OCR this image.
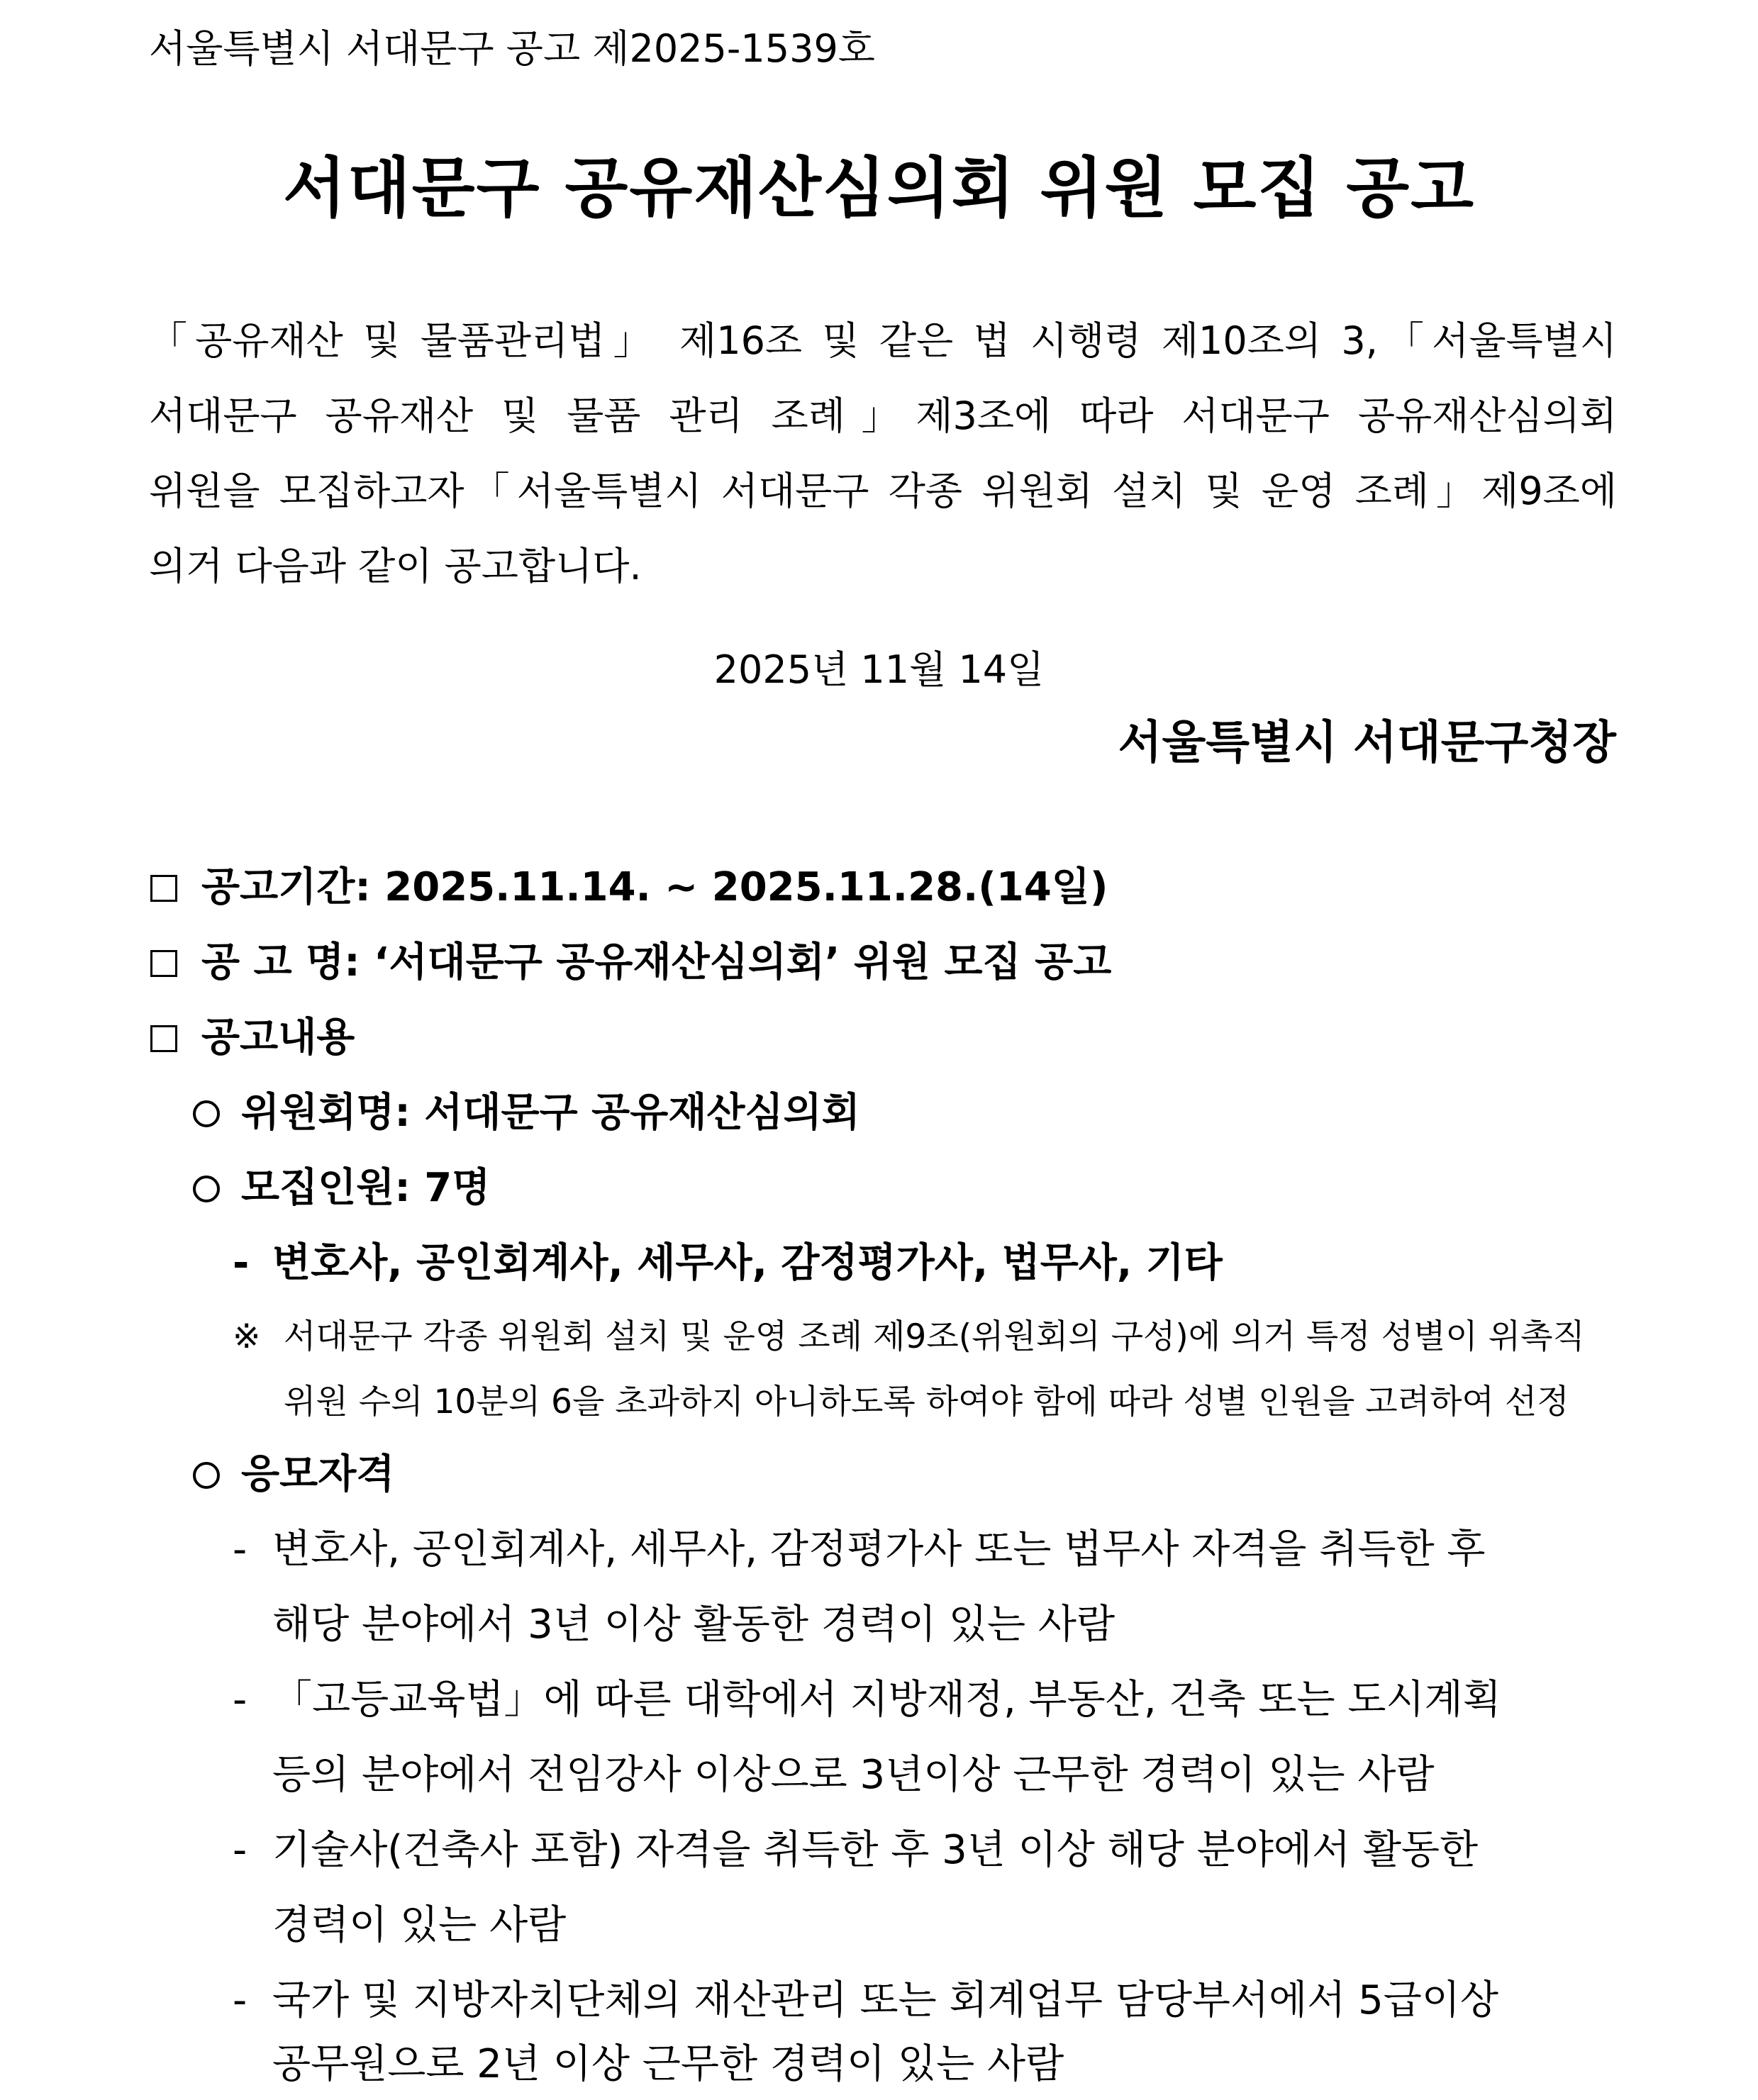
서울특별시 서대문구 공고 제2025-1539호
서대문구 공유재산심의회 위원 모집 공고
「공유재산 및 물품관리법」 제16조 및 같은 법 시행령 제10조의 3,「서울특별시
서대문구 공유재산 및 물품 관리 조례」제3조에 따라 서대문구 공유재산심의회
위원을 모집하고자「서울특별시 서대문구 각종 위원회 설치 및 운영 조례」제9조에
의거 다음과 같이 공고합니다.
2025년 11월 14일
서울특별시 서대문구청장
공고기간: 2025.11.14. ~ 2025.11.28.(14일)
공 고 명: ‘서대문구 공유재산심의회’ 위원 모집 공고
공고내용
위원회명: 서대문구 공유재산심의회
모집인원: 7명
- 변호사, 공인회계사, 세무사, 감정평가사, 법무사, 기타
※ 서대문구 각종 위원회 설치 및 운영 조례 제9조(위원회의 구성)에 의거 특정 성별이 위촉직
위원 수의 10분의 6을 초과하지 아니하도록 하여야 함에 따라 성별 인원을 고려하여 선정
응모자격
- 변호사, 공인회계사, 세무사, 감정평가사 또는 법무사 자격을 취득한 후
해당 분야에서 3년 이상 활동한 경력이 있는 사람
- 「고등교육법」에 따른 대학에서 지방재정, 부동산, 건축 또는 도시계획
등의 분야에서 전임강사 이상으로 3년이상 근무한 경력이 있는 사람
- 기술사(건축사 포함) 자격을 취득한 후 3년 이상 해당 분야에서 활동한
경력이 있는 사람
- 국가 및 지방자치단체의 재산관리 또는 회계업무 담당부서에서 5급이상
공무원으로 2년 이상 근무한 경력이 있는 사람
